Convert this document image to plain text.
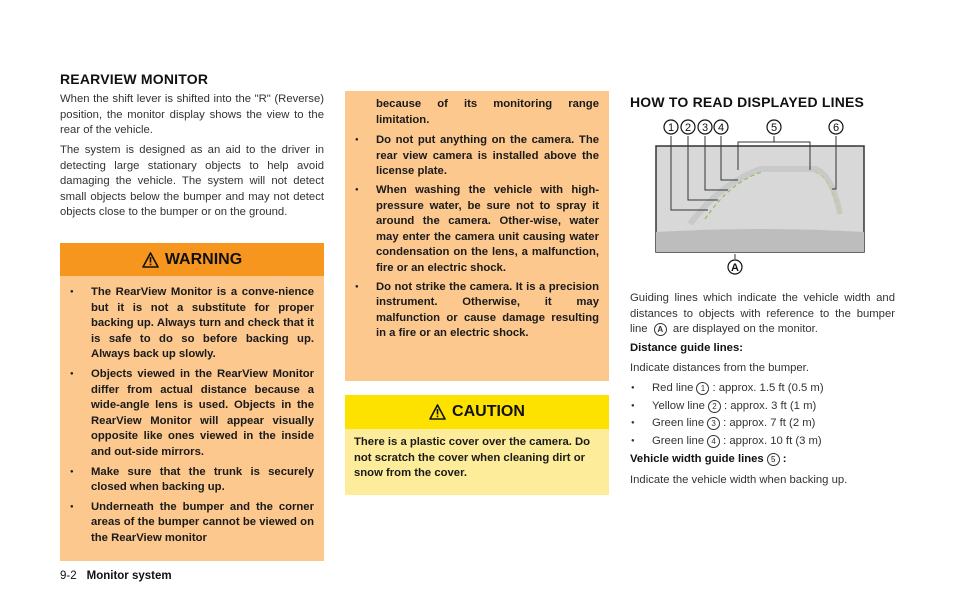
REARVIEW MONITOR

When the shift lever is shifted into the "R" (Reverse) position, the monitor display shows the view to the rear of the vehicle.

The system is designed as an aid to the driver in detecting large stationary objects to help avoid damaging the vehicle. The system will not detect small objects below the bumper and may not detect objects close to the bumper or on the ground.

WARNING
● The RearView Monitor is a conve-nience but it is not a substitute for proper backing up. Always turn and check that it is safe to do so before backing up. Always back up slowly.
● Objects viewed in the RearView Monitor differ from actual distance because a wide-angle lens is used. Objects in the RearView Monitor will appear visually opposite like ones viewed in the inside and out-side mirrors.
● Make sure that the trunk is securely closed when backing up.
● Underneath the bumper and the corner areas of the bumper cannot be viewed on the RearView monitor
because of its monitoring range limitation.
● Do not put anything on the camera. The rear view camera is installed above the license plate.
● When washing the vehicle with high-pressure water, be sure not to spray it around the camera. Other-wise, water may enter the camera unit causing water condensation on the lens, a malfunction, fire or an electric shock.
● Do not strike the camera. It is a precision instrument. Otherwise, it may malfunction or cause damage resulting in a fire or an electric shock.
CAUTION
There is a plastic cover over the camera. Do not scratch the cover when cleaning dirt or snow from the cover.
HOW TO READ DISPLAYED LINES
1 2 3 4	5	6
A

Guiding lines which indicate the vehicle width and distances to objects with reference to the bumper line A are displayed on the monitor.

Distance guide lines:
Indicate distances from the bumper.
● Red line 1 : approx. 1.5 ft (0.5 m)
● Yellow line 2 : approx. 3 ft (1 m)
● Green line 3 : approx. 7 ft (2 m)
● Green line 4 : approx. 10 ft (3 m)
Vehicle width guide lines 5 :
Indicate the vehicle width when backing up.
9-2 Monitor system
